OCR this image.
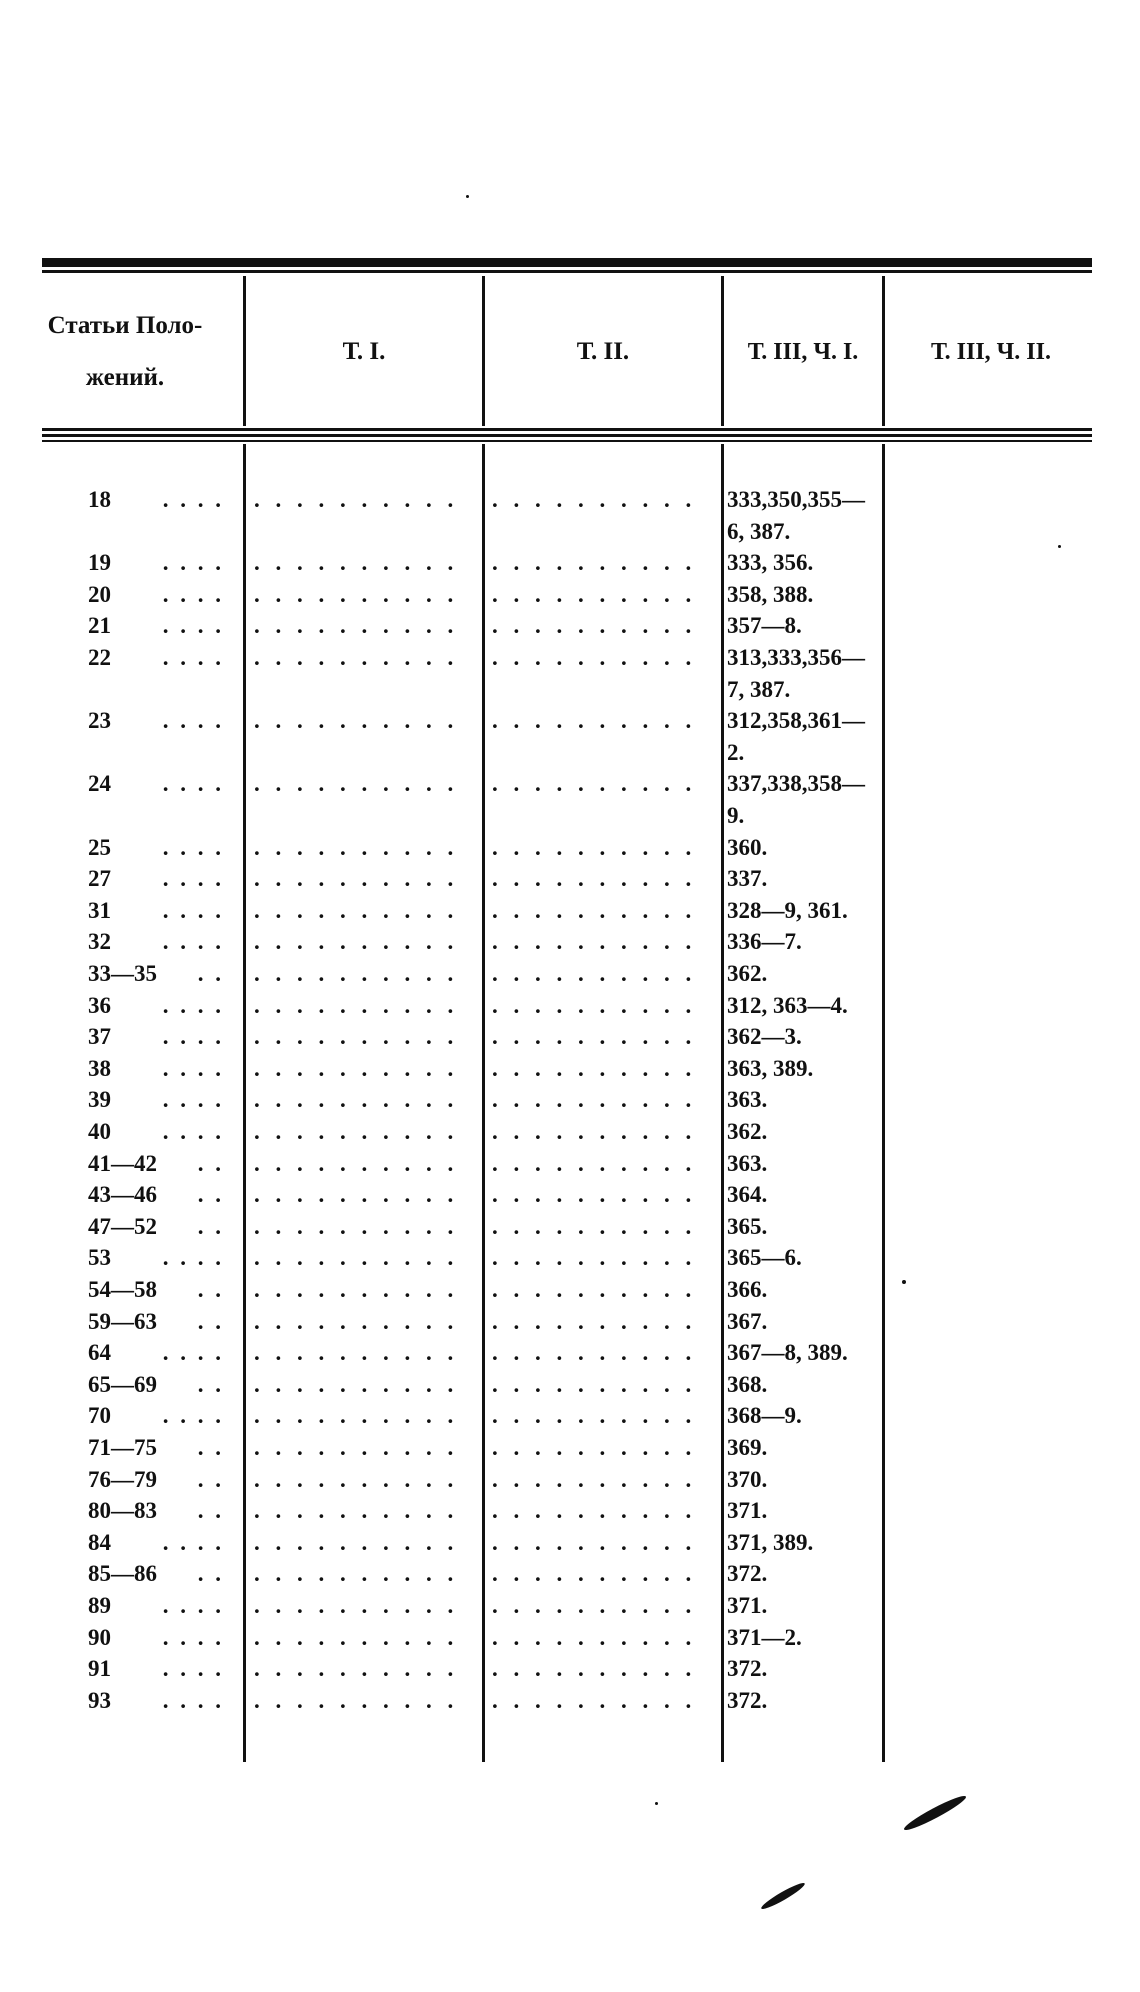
Статьи Поло-
жений.
Т. I.	Т. II.	Т. III, Ч. I.	Т. III, Ч. II.
18	. . . . . . . . . . . . . .	. . . . . . . . . .	333,350,355—6, 387.
19	. . . . . . . . . . . . . .	. . . . . . . . . .	333, 356.
20	. . . . . . . . . . . . . .	. . . . . . . . . .	358, 388.
21	. . . . . . . . . . . . . .	. . . . . . . . . .	357—8.
22	. . . . . . . . . . . . . .	. . . . . . . . . .	313,333,356—7, 387.
23	. . . . . . . . . . . . . .	. . . . . . . . . .	312,358,361—2.
24	. . . . . . . . . . . . . .	. . . . . . . . . .	337,338,358—9.
25	. . . . . . . . . . . . . .	. . . . . . . . . .	360.
27	. . . . . . . . . . . . . .	. . . . . . . . . .	337.
31	. . . . . . . . . . . . . .	. . . . . . . . . .	328—9, 361.
32	. . . . . . . . . . . . . .	. . . . . . . . . .	336—7.
33—35	. . . . . . . . . . . .	. . . . . . . . . .	362.
36	. . . . . . . . . . . . . .	. . . . . . . . . .	312, 363—4.
37	. . . . . . . . . . . . . .	. . . . . . . . . .	362—3.
38	. . . . . . . . . . . . . .	. . . . . . . . . .	363, 389.
39	. . . . . . . . . . . . . .	. . . . . . . . . .	363.
40	. . . . . . . . . . . . . .	. . . . . . . . . .	362.
41—42	. . . . . . . . . . . .	. . . . . . . . . .	363.
43—46	. . . . . . . . . . . .	. . . . . . . . . .	364.
47—52	. . . . . . . . . . . .	. . . . . . . . . .	365.
53	. . . . . . . . . . . . . .	. . . . . . . . . .	365—6.
54—58	. . . . . . . . . . . .	. . . . . . . . . .	366.
59—63	. . . . . . . . . . . .	. . . . . . . . . .	367.
64	. . . . . . . . . . . . . .	. . . . . . . . . .	367—8, 389.
65—69	. . . . . . . . . . . .	. . . . . . . . . .	368.
70	. . . . . . . . . . . . . .	. . . . . . . . . .	368—9.
71—75	. . . . . . . . . . . .	. . . . . . . . . .	369.
76—79	. . . . . . . . . . . .	. . . . . . . . . .	370.
80—83	. . . . . . . . . . . .	. . . . . . . . . .	371.
84	. . . . . . . . . . . . . .	. . . . . . . . . .	371, 389.
85—86	. . . . . . . . . . . .	. . . . . . . . . .	372.
89	. . . . . . . . . . . . . .	. . . . . . . . . .	371.
90	. . . . . . . . . . . . . .	. . . . . . . . . .	371—2.
91	. . . . . . . . . . . . . .	. . . . . . . . . .	372.
93	. . . . . . . . . . . . . .	. . . . . . . . . .	372.
